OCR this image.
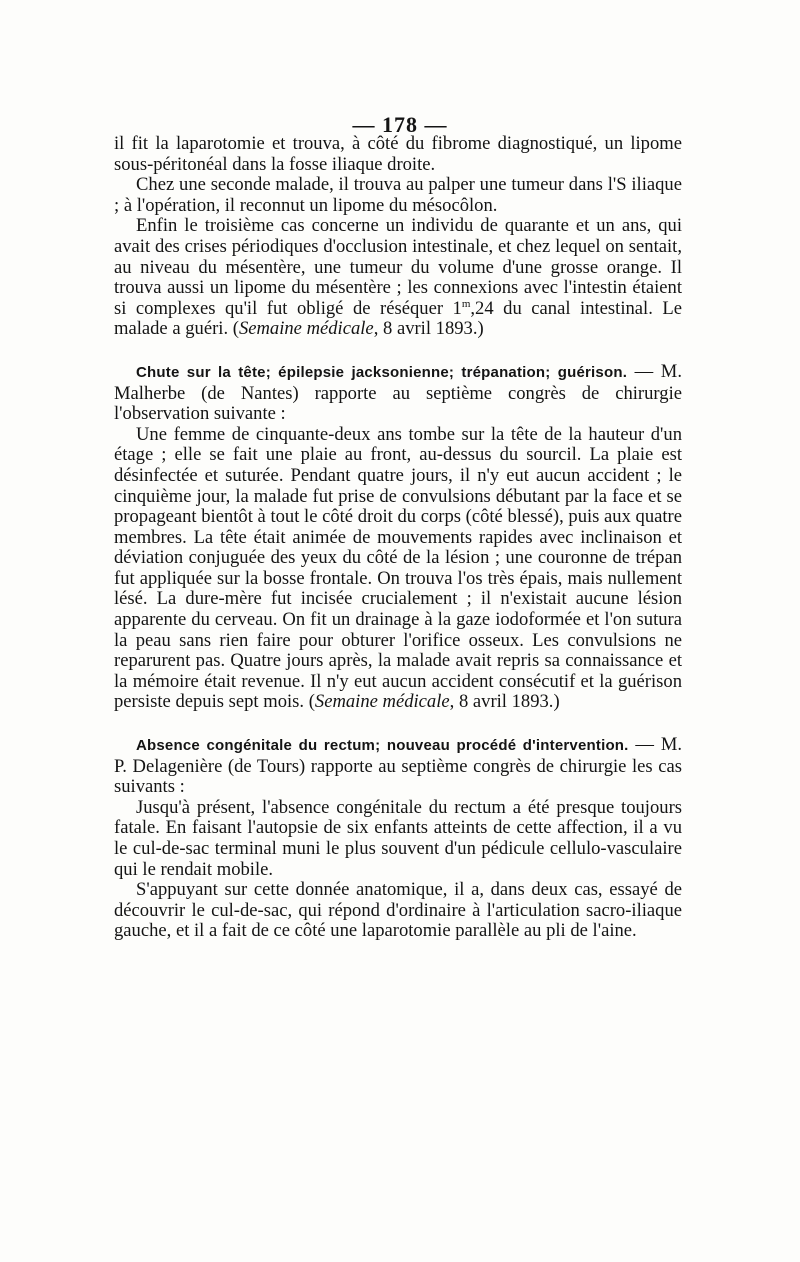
— 178 —

il fit la laparotomie et trouva, à côté du fibrome diagnostiqué, un lipome sous-péritonéal dans la fosse iliaque droite.

Chez une seconde malade, il trouva au palper une tumeur dans l'S iliaque ; à l'opération, il reconnut un lipome du mésocôlon.

Enfin le troisième cas concerne un individu de quarante et un ans, qui avait des crises périodiques d'occlusion intestinale, et chez lequel on sentait, au niveau du mésentère, une tumeur du volume d'une grosse orange. Il trouva aussi un lipome du mésentère ; les connexions avec l'intestin étaient si complexes qu'il fut obligé de réséquer 1$^m$,24 du canal intestinal. Le malade a guéri. (Semaine médicale, 8 avril 1893.)

Chute sur la tête; épilepsie jacksonienne; trépanation; guérison. — M. Malherbe (de Nantes) rapporte au septième congrès de chirurgie l'observation suivante :

Une femme de cinquante-deux ans tombe sur la tête de la hauteur d'un étage ; elle se fait une plaie au front, au-dessus du sourcil. La plaie est désinfectée et suturée. Pendant quatre jours, il n'y eut aucun accident ; le cinquième jour, la malade fut prise de convulsions débutant par la face et se propageant bientôt à tout le côté droit du corps (côté blessé), puis aux quatre membres. La tête était animée de mouvements rapides avec inclinaison et déviation conjuguée des yeux du côté de la lésion ; une couronne de trépan fut appliquée sur la bosse frontale. On trouva l'os très épais, mais nullement lésé. La dure-mère fut incisée crucialement ; il n'existait aucune lésion apparente du cerveau. On fit un drainage à la gaze iodoformée et l'on sutura la peau sans rien faire pour obturer l'orifice osseux. Les convulsions ne reparurent pas. Quatre jours après, la malade avait repris sa connaissance et la mémoire était revenue. Il n'y eut aucun accident consécutif et la guérison persiste depuis sept mois. (Semaine médicale, 8 avril 1893.)

Absence congénitale du rectum; nouveau procédé d'intervention. — M. P. Delagenière (de Tours) rapporte au septième congrès de chirurgie les cas suivants :

Jusqu'à présent, l'absence congénitale du rectum a été presque toujours fatale. En faisant l'autopsie de six enfants atteints de cette affection, il a vu le cul-de-sac terminal muni le plus souvent d'un pédicule cellulo-vasculaire qui le rendait mobile.

S'appuyant sur cette donnée anatomique, il a, dans deux cas, essayé de découvrir le cul-de-sac, qui répond d'ordinaire à l'articulation sacro-iliaque gauche, et il a fait de ce côté une laparotomie parallèle au pli de l'aine.
